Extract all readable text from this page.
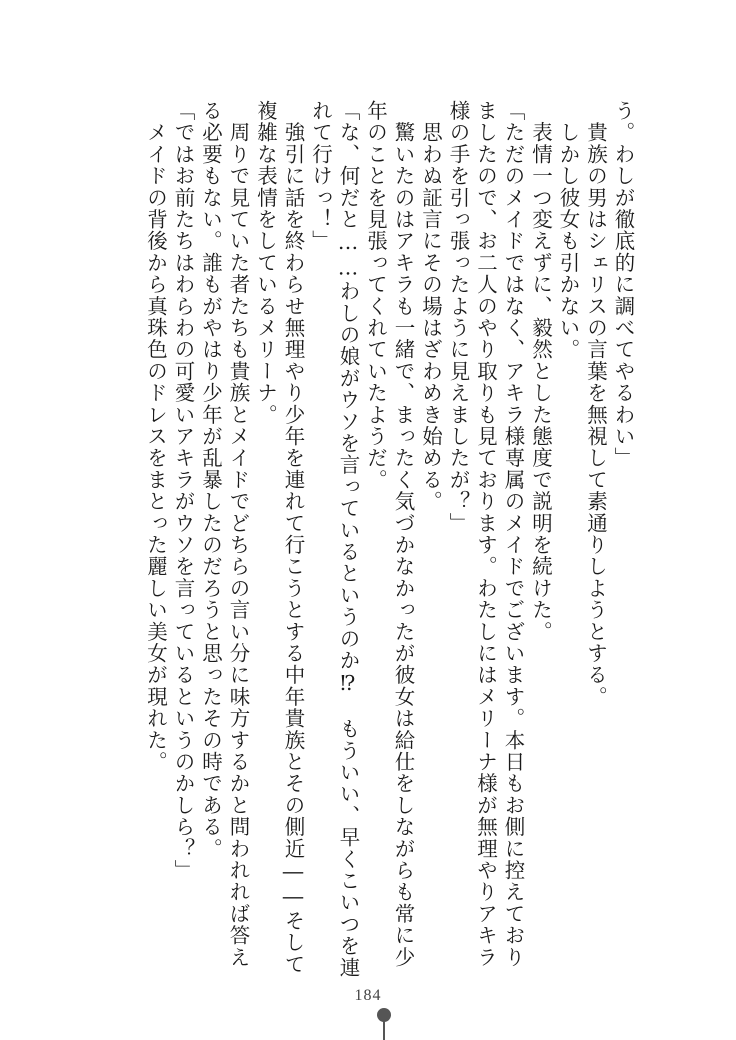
う。わしが徹底的に調べてやるわい」
　貴族の男はシェリスの言葉を無視して素通りしようとする。
　しかし彼女も引かない。
　表情一つ変えずに、毅然とした態度で説明を続けた。
「ただのメイドではなく、アキラ様専属のメイドでございます。本日もお側に控えており
ましたので、お二人のやり取りも見ております。わたしにはメリーナ様が無理やりアキラ
様の手を引っ張ったように見えましたが？」
　思わぬ証言にその場はざわめき始める。
　驚いたのはアキラも一緒で、まったく気づかなかったが彼女は給仕をしながらも常に少
年のことを見張ってくれていたようだ。
「な、何だと……わしの娘がウソを言っているというのか⁉　もういい、早くこいつを連
れて行けっ！」
　強引に話を終わらせ無理やり少年を連れて行こうとする中年貴族とその側近――そして
複雑な表情をしているメリーナ。
　周りで見ていた者たちも貴族とメイドでどちらの言い分に味方するかと問われれば答え
る必要もない。誰もがやはり少年が乱暴したのだろうと思ったその時である。
「ではお前たちはわらわの可愛いアキラがウソを言っているというのかしら？」
　メイドの背後から真珠色のドレスをまとった麗しい美女が現れた。
184
